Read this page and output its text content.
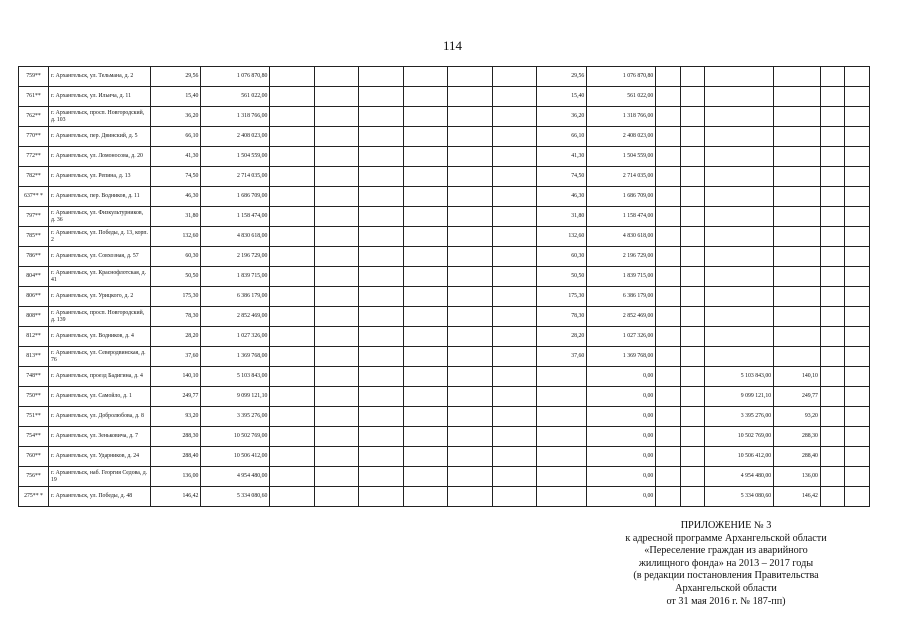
114
759**	г. Архангельск, ул. Тельмана, д. 2	29,56	1 076 870,80							29,56	1 076 870,80						
761**	г. Архангельск, ул. Ильича, д. 11	15,40	561 022,00							15,40	561 022,00						
762**	г. Архангельск, просп. Новгородский, д. 103	36,20	1 318 766,00							36,20	1 318 766,00						
770**	г. Архангельск, пер. Двинский, д. 5	66,10	2 408 023,00							66,10	2 408 023,00						
772**	г. Архангельск, ул. Ломоносова, д. 20	41,30	1 504 559,00							41,30	1 504 559,00						
782**	г. Архангельск, ул. Репина, д. 13	74,50	2 714 035,00							74,50	2 714 035,00						
637** *	г. Архангельск, пер. Водников, д. 11	46,30	1 686 709,00							46,30	1 686 709,00						
797**	г. Архангельск, ул. Физкультурников, д. 36	31,80	1 158 474,00							31,80	1 158 474,00						
785**	г. Архангельск, ул. Победы, д. 13, корп. 2	132,60	4 830 618,00							132,60	4 830 618,00						
786**	г. Архангельск, ул. Совхозная, д. 57	60,30	2 196 729,00							60,30	2 196 729,00						
804**	г. Архангельск, ул. Краснофлотская, д. 41	50,50	1 839 715,00							50,50	1 839 715,00						
806**	г. Архангельск, ул. Урицкого, д. 2	175,30	6 386 179,00							175,30	6 386 179,00						
808**	г. Архангельск, просп. Новгородский, д. 139	78,30	2 852 469,00							78,30	2 852 469,00						
812**	г. Архангельск, ул. Водников, д. 4	28,20	1 027 326,00							28,20	1 027 326,00						
813**	г. Архангельск, ул. Северодвинская, д. 76	37,60	1 369 768,00							37,60	1 369 768,00						
748**	г. Архангельск, проезд Бадигина, д. 4	140,10	5 103 843,00								0,00			5 103 843,00	140,10		
750**	г. Архангельск, ул. Самойло, д. 1	249,77	9 099 121,10								0,00			9 099 121,10	249,77		
751**	г. Архангельск, ул. Добролюбова, д. 8	93,20	3 395 276,00								0,00			3 395 276,00	93,20		
754**	г. Архангельск, ул. Зеньковича, д. 7	288,30	10 502 769,00								0,00			10 502 769,00	288,30		
760**	г. Архангельск, ул. Ударников, д. 24	288,40	10 506 412,00								0,00			10 506 412,00	288,40		
756**	г. Архангельск, наб. Георгия Седова, д. 19	136,00	4 954 480,00								0,00			4 954 480,00	136,00		
275** *	г. Архангельск, ул. Победы, д. 48	146,42	5 334 080,60								0,00			5 334 080,60	146,42		
ПРИЛОЖЕНИЕ № 3
к адресной программе Архангельской области
«Переселение граждан из аварийного
жилищного фонда» на 2013 – 2017 годы
(в редакции постановления Правительства
Архангельской области
от 31 мая 2016 г. № 187-пп)
